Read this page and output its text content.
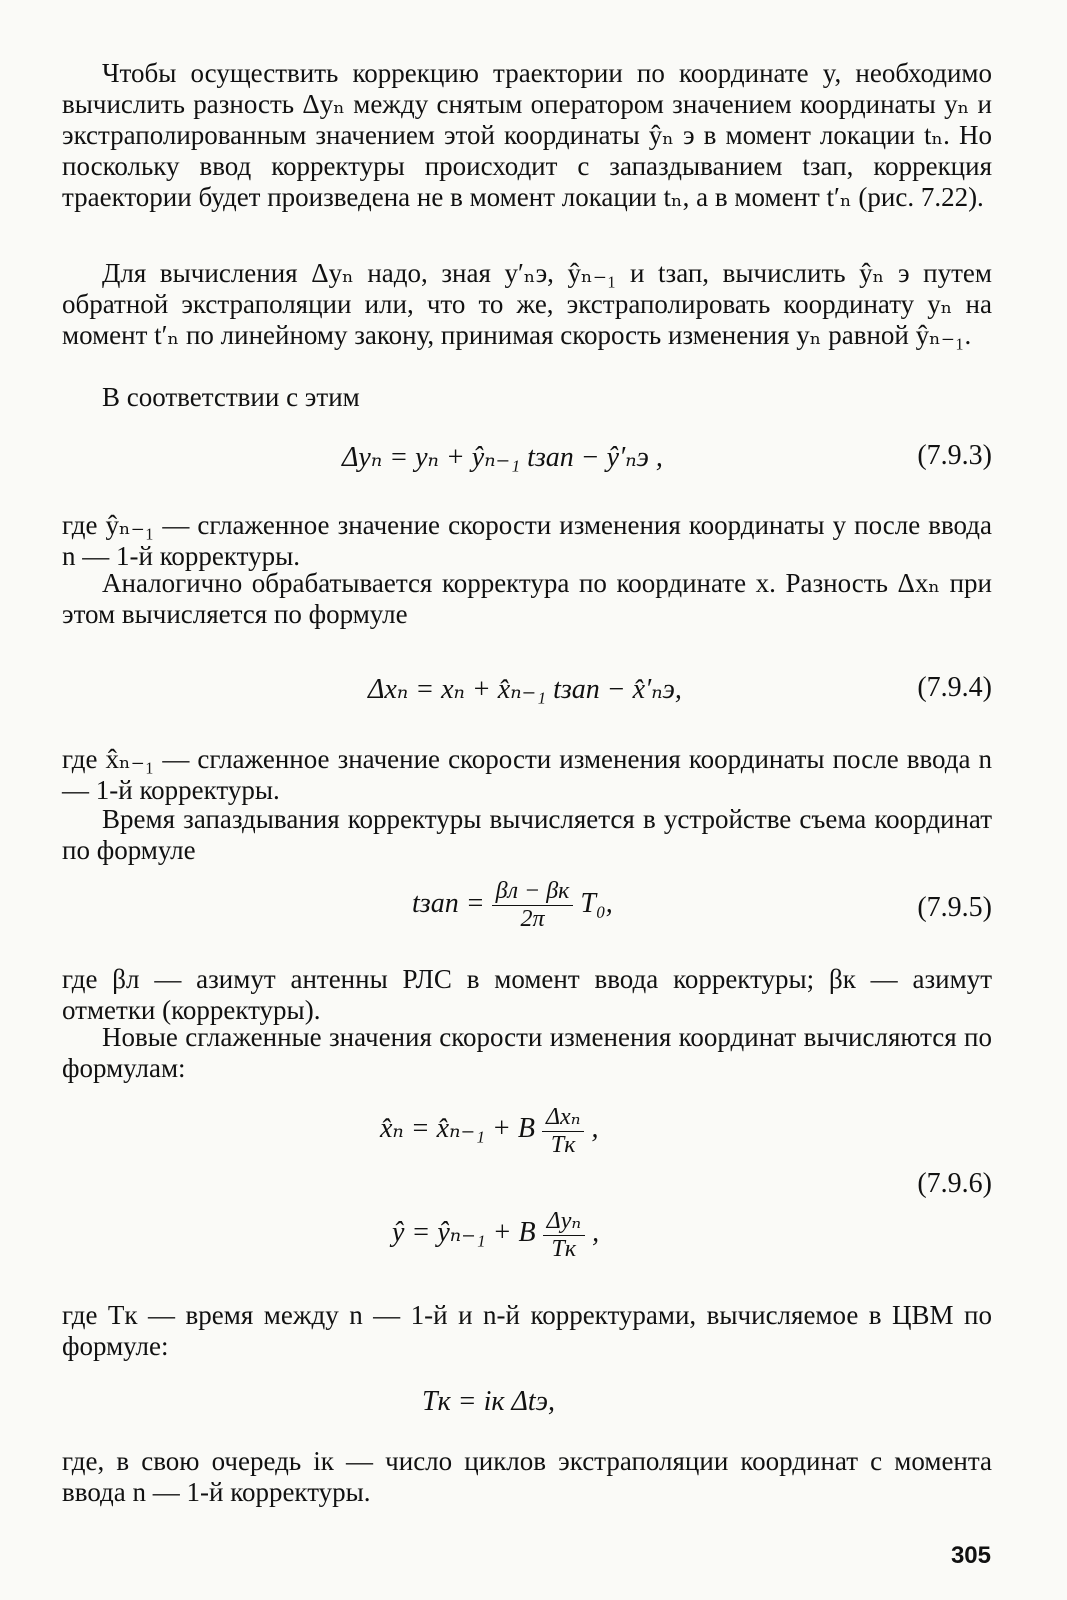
Чтобы осуществить коррекцию траектории по координате y, необходимо вычислить разность Δyₙ между снятым оператором значением координаты yₙ и экстраполированным значением этой координаты ŷₙ э в момент локации tₙ. Но поскольку ввод корректуры происходит с запаздыванием tзап, коррекция траектории будет произведена не в момент локации tₙ, а в момент t′ₙ (рис. 7.22).

Для вычисления Δyₙ надо, зная y′ₙэ, ŷₙ₋₁ и tзап, вычислить ŷₙ э путем обратной экстраполяции или, что то же, экстраполировать координату yₙ на момент t′ₙ по линейному закону, принимая скорость изменения yₙ равной ŷₙ₋₁.

В соответствии с этим

Δyₙ = yₙ + ŷₙ₋₁ tзап − ŷ′ₙэ ,	(7.9.3)

где ŷₙ₋₁ — сглаженное значение скорости изменения координаты y после ввода n — 1-й корректуры.

Аналогично обрабатывается корректура по координате x. Разность Δxₙ при этом вычисляется по формуле

Δxₙ = xₙ + x̂ₙ₋₁ tзап − x̂′ₙэ,	(7.9.4)

где x̂ₙ₋₁ — сглаженное значение скорости изменения координаты после ввода n — 1-й корректуры.

Время запаздывания корректуры вычисляется в устройстве съема координат по формуле

tзап = $\frac{\beta л - \beta к}{2\pi} T_0$,	(7.9.5)

где βл — азимут антенны РЛС в момент ввода корректуры; βк — азимут отметки (корректуры).

Новые сглаженные значения скорости изменения координат вычисляются по формулам:

x̂ₙ = x̂ₙ₋₁ + B $\frac{\text{Δxₙ}}{Tк}$ ,
(7.9.6)
ŷ = ŷₙ₋₁ + B $\frac{\text{Δyₙ}}{Tк}$ ,

где Tк — время между n — 1-й и n-й корректурами, вычисляемое в ЦВМ по формуле:

Tк = iк Δtэ,

где, в свою очередь iк — число циклов экстраполяции координат с момента ввода n — 1-й корректуры.

305
